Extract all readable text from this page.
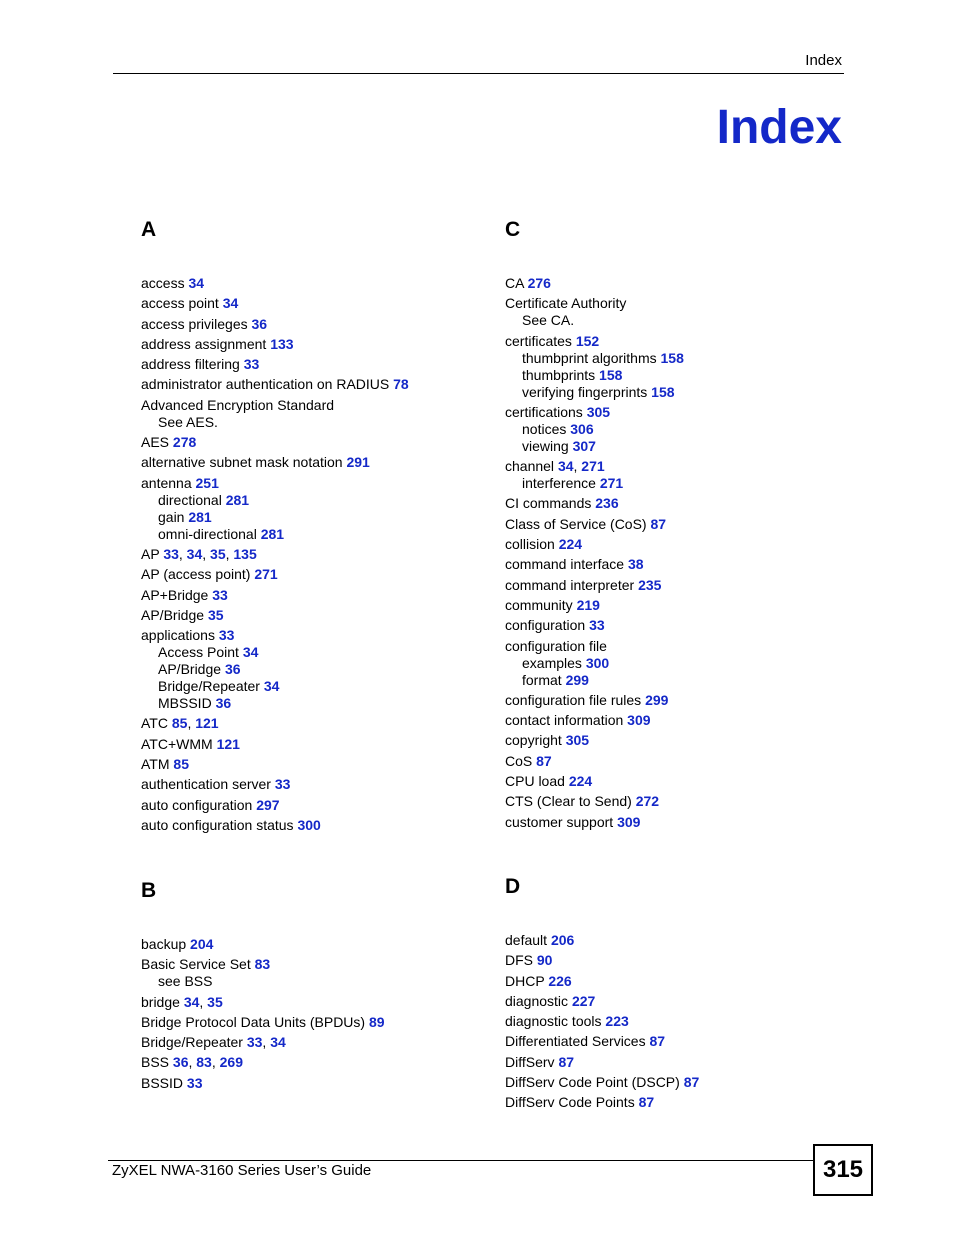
Index
Index
A
access 34
access point 34
access privileges 36
address assignment 133
address filtering 33
administrator authentication on RADIUS 78
Advanced Encryption Standard
See AES.
AES 278
alternative subnet mask notation 291
antenna 251
directional 281
gain 281
omni-directional 281
AP 33, 34, 35, 135
AP (access point) 271
AP+Bridge 33
AP/Bridge 35
applications 33
Access Point 34
AP/Bridge 36
Bridge/Repeater 34
MBSSID 36
ATC 85, 121
ATC+WMM 121
ATM 85
authentication server 33
auto configuration 297
auto configuration status 300
B
backup 204
Basic Service Set 83
see BSS
bridge 34, 35
Bridge Protocol Data Units (BPDUs) 89
Bridge/Repeater 33, 34
BSS 36, 83, 269
BSSID 33
C
CA 276
Certificate Authority
See CA.
certificates 152
thumbprint algorithms 158
thumbprints 158
verifying fingerprints 158
certifications 305
notices 306
viewing 307
channel 34, 271
interference 271
CI commands 236
Class of Service (CoS) 87
collision 224
command interface 38
command interpreter 235
community 219
configuration 33
configuration file
examples 300
format 299
configuration file rules 299
contact information 309
copyright 305
CoS 87
CPU load 224
CTS (Clear to Send) 272
customer support 309
D
default 206
DFS 90
DHCP 226
diagnostic 227
diagnostic tools 223
Differentiated Services 87
DiffServ 87
DiffServ Code Point (DSCP) 87
DiffServ Code Points 87
ZyXEL NWA-3160 Series User’s Guide	315
